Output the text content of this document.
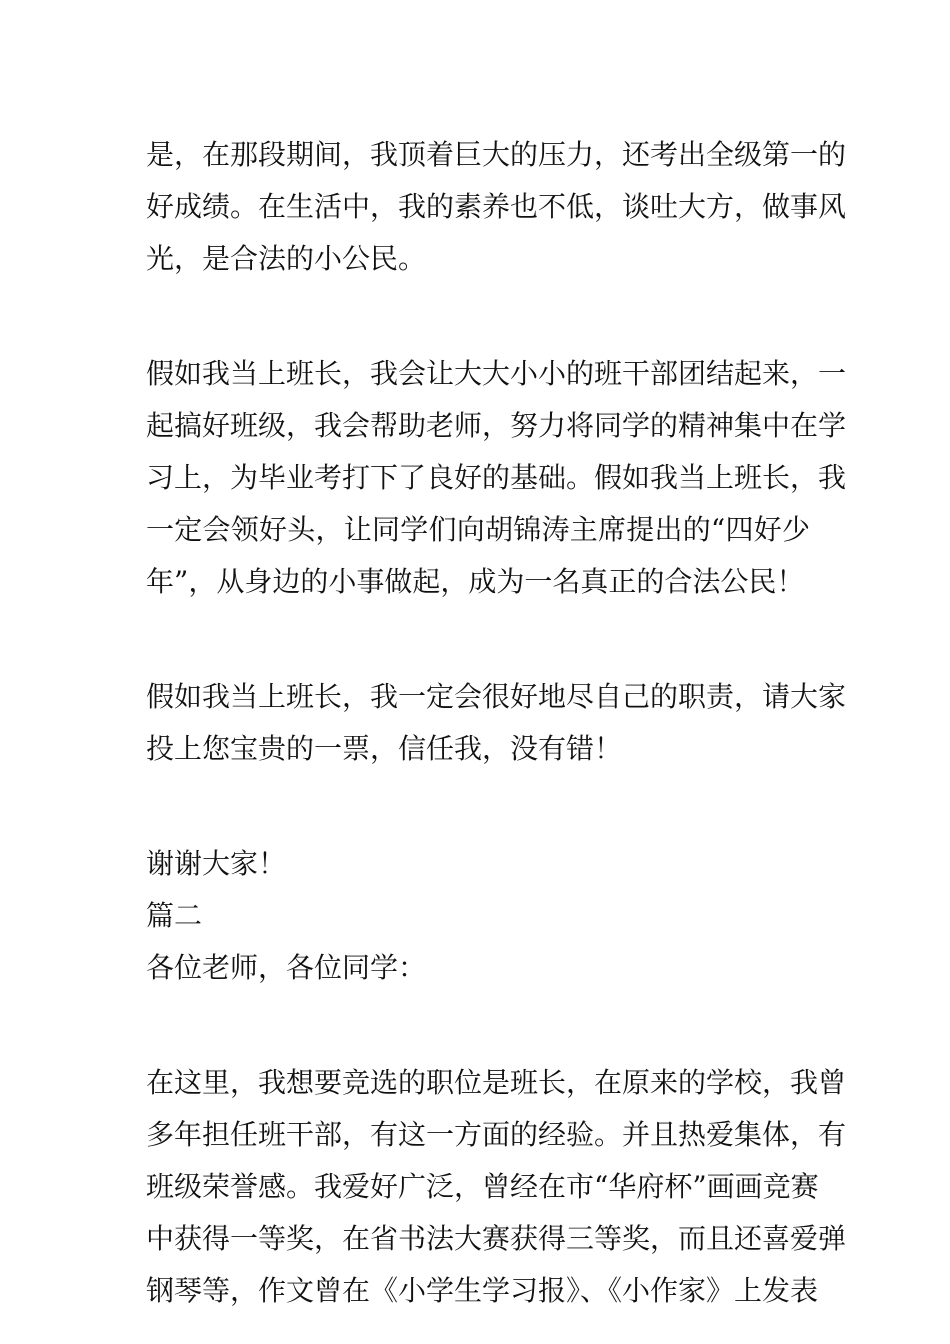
是，在那段期间，我顶着巨大的压力，还考出全级第一的
好成绩。在生活中，我的素养也不低，谈吐大方，做事风
光，是合法的小公民。
假如我当上班长，我会让大大小小的班干部团结起来，一
起搞好班级，我会帮助老师，努力将同学的精神集中在学
习上，为毕业考打下了良好的基础。假如我当上班长，我
一定会领好头，让同学们向胡锦涛主席提出的“四好少
年”，从身边的小事做起，成为一名真正的合法公民！
假如我当上班长，我一定会很好地尽自己的职责，请大家
投上您宝贵的一票，信任我，没有错！
谢谢大家！
篇二
各位老师，各位同学：
在这里，我想要竞选的职位是班长，在原来的学校，我曾
多年担任班干部，有这一方面的经验。并且热爱集体，有
班级荣誉感。我爱好广泛，曾经在市“华府杯”画画竞赛
中获得一等奖，在省书法大赛获得三等奖，而且还喜爱弹
钢琴等，作文曾在《小学生学习报》、《小作家》上发表
